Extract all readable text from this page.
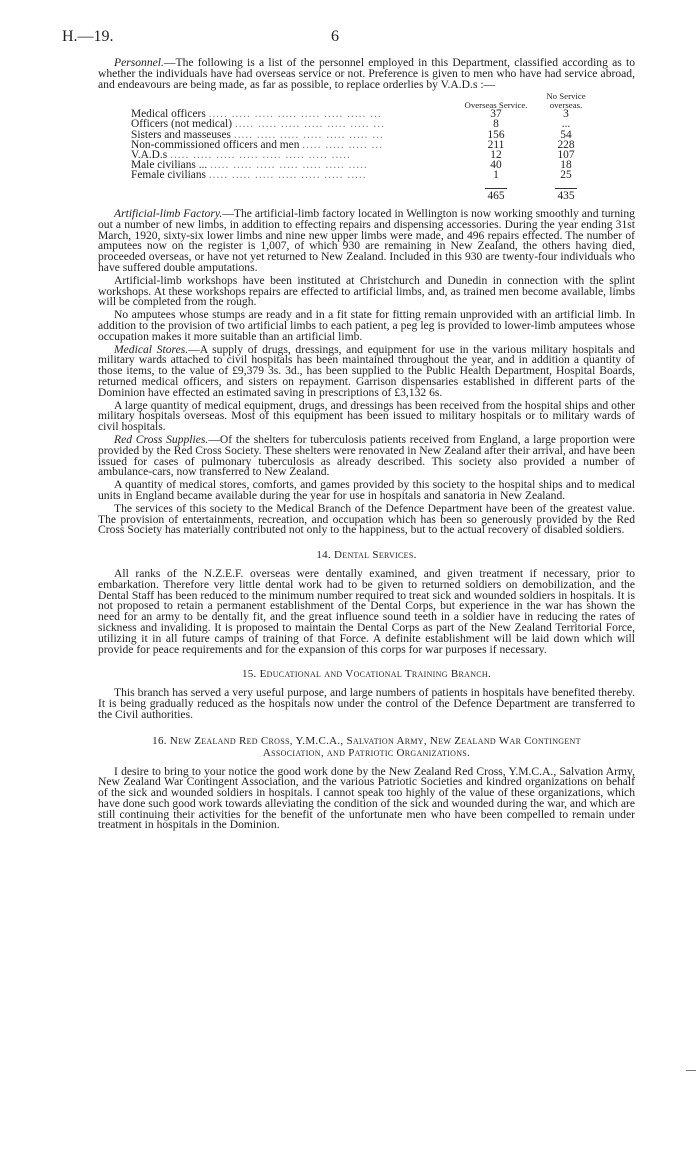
H.—19.	6

Personnel.—The following is a list of the personnel employed in this Department, classified according as to whether the individuals have had overseas service or not. Preference is given to men who have had service abroad, and endeavours are being made, as far as possible, to replace orderlies by V.A.D.s :—

	Overseas Service.	No Service overseas.
Medical officers ..... ..... ..... ..... ..... ..... ..... ...	37	3
Officers (not medical) ..... ..... ..... ..... ..... ..... ...	8	...
Sisters and masseuses ..... ..... ..... ..... ..... ..... ...	156	54
Non-commissioned officers and men ..... ..... ..... ...	211	228
V.A.D.s ..... ..... ..... ..... ..... ..... ..... .....	12	107
Male civilians ... ..... ..... ..... ..... ..... ..... .....	40	18
Female civilians ..... ..... ..... ..... ..... ..... .....	1	25

	465	435

Artificial-limb Factory.—The artificial-limb factory located in Wellington is now working smoothly and turning out a number of new limbs, in addition to effecting repairs and dispensing accessories. During the year ending 31st March, 1920, sixty-six lower limbs and nine new upper limbs were made, and 496 repairs effected. The number of amputees now on the register is 1,007, of which 930 are remaining in New Zealand, the others having died, proceeded overseas, or have not yet returned to New Zealand. Included in this 930 are twenty-four individuals who have suffered double amputations.

Artificial-limb workshops have been instituted at Christchurch and Dunedin in connection with the splint workshops. At these workshops repairs are effected to artificial limbs, and, as trained men become available, limbs will be completed from the rough.

No amputees whose stumps are ready and in a fit state for fitting remain unprovided with an artificial limb. In addition to the provision of two artificial limbs to each patient, a peg leg is provided to lower-limb amputees whose occupation makes it more suitable than an artificial limb.

Medical Stores.—A supply of drugs, dressings, and equipment for use in the various military hospitals and military wards attached to civil hospitals has been maintained throughout the year, and in addition a quantity of those items, to the value of £9,379 3s. 3d., has been supplied to the Public Health Department, Hospital Boards, returned medical officers, and sisters on repayment. Garrison dispensaries established in different parts of the Dominion have effected an estimated saving in prescriptions of £3,132 6s.

A large quantity of medical equipment, drugs, and dressings has been received from the hospital ships and other military hospitals overseas. Most of this equipment has been issued to military hospitals or to military wards of civil hospitals.

Red Cross Supplies.—Of the shelters for tuberculosis patients received from England, a large proportion were provided by the Red Cross Society. These shelters were renovated in New Zealand after their arrival, and have been issued for cases of pulmonary tuberculosis as already described. This society also provided a number of ambulance-cars, now transferred to New Zealand.

A quantity of medical stores, comforts, and games provided by this society to the hospital ships and to medical units in England became available during the year for use in hospitals and sanatoria in New Zealand.

The services of this society to the Medical Branch of the Defence Department have been of the greatest value. The provision of entertainments, recreation, and occupation which has been so generously provided by the Red Cross Society has materially contributed not only to the happiness, but to the actual recovery of disabled soldiers.

14. Dental Services.

All ranks of the N.Z.E.F. overseas were dentally examined, and given treatment if necessary, prior to embarkation. Therefore very little dental work had to be given to returned soldiers on demobilization, and the Dental Staff has been reduced to the minimum number required to treat sick and wounded soldiers in hospitals. It is not proposed to retain a permanent establishment of the Dental Corps, but experience in the war has shown the need for an army to be dentally fit, and the great influence sound teeth in a soldier have in reducing the rates of sickness and invaliding. It is proposed to maintain the Dental Corps as part of the New Zealand Territorial Force, utilizing it in all future camps of training of that Force. A definite establishment will be laid down which will provide for peace requirements and for the expansion of this corps for war purposes if necessary.

15. Educational and Vocational Training Branch.

This branch has served a very useful purpose, and large numbers of patients in hospitals have benefited thereby. It is being gradually reduced as the hospitals now under the control of the Defence Department are transferred to the Civil authorities.

16. New Zealand Red Cross, Y.M.C.A., Salvation Army, New Zealand War Contingent
Association, and Patriotic Organizations.

I desire to bring to your notice the good work done by the New Zealand Red Cross, Y.M.C.A., Salvation Army, New Zealand War Contingent Association, and the various Patriotic Societies and kindred organizations on behalf of the sick and wounded soldiers in hospitals. I cannot speak too highly of the value of these organizations, which have done such good work towards alleviating the condition of the sick and wounded during the war, and which are still continuing their activities for the benefit of the unfortunate men who have been compelled to remain under treatment in hospitals in the Dominion.
